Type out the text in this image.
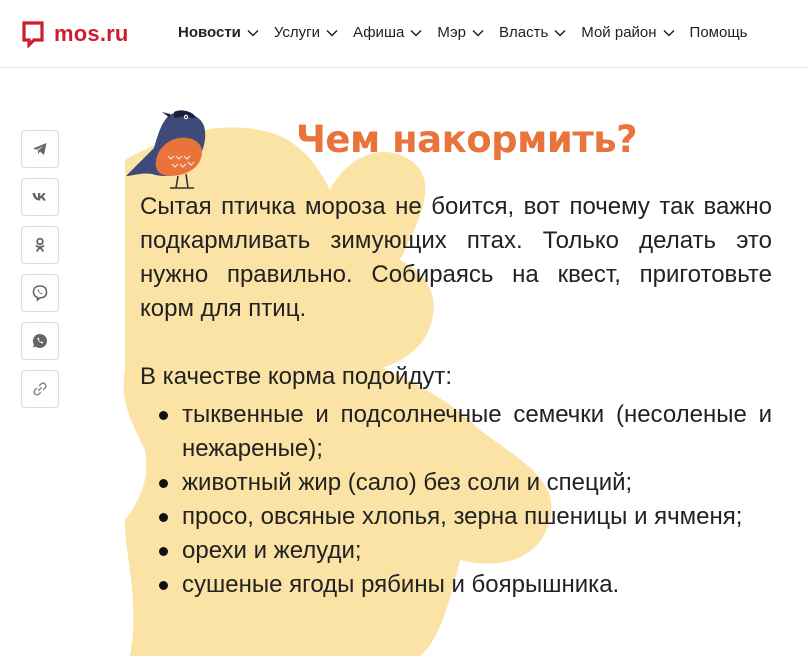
mos.ru	Новости Услуги Афиша Мэр Власть Мой район Помощь
Чем накормить?
Сытая птичка мороза не боится, вот почему так важно подкармливать зимующих птах. Только делать это нужно правильно. Собираясь на квест, приготовьте корм для птиц.
В качестве корма подойдут:
тыквенные и подсолнечные семечки (несоленые и нежареные);
животный жир (сало) без соли и специй;
просо, овсяные хлопья, зерна пшеницы и ячменя;
орехи и желуди;
сушеные ягоды рябины и боярышника.
